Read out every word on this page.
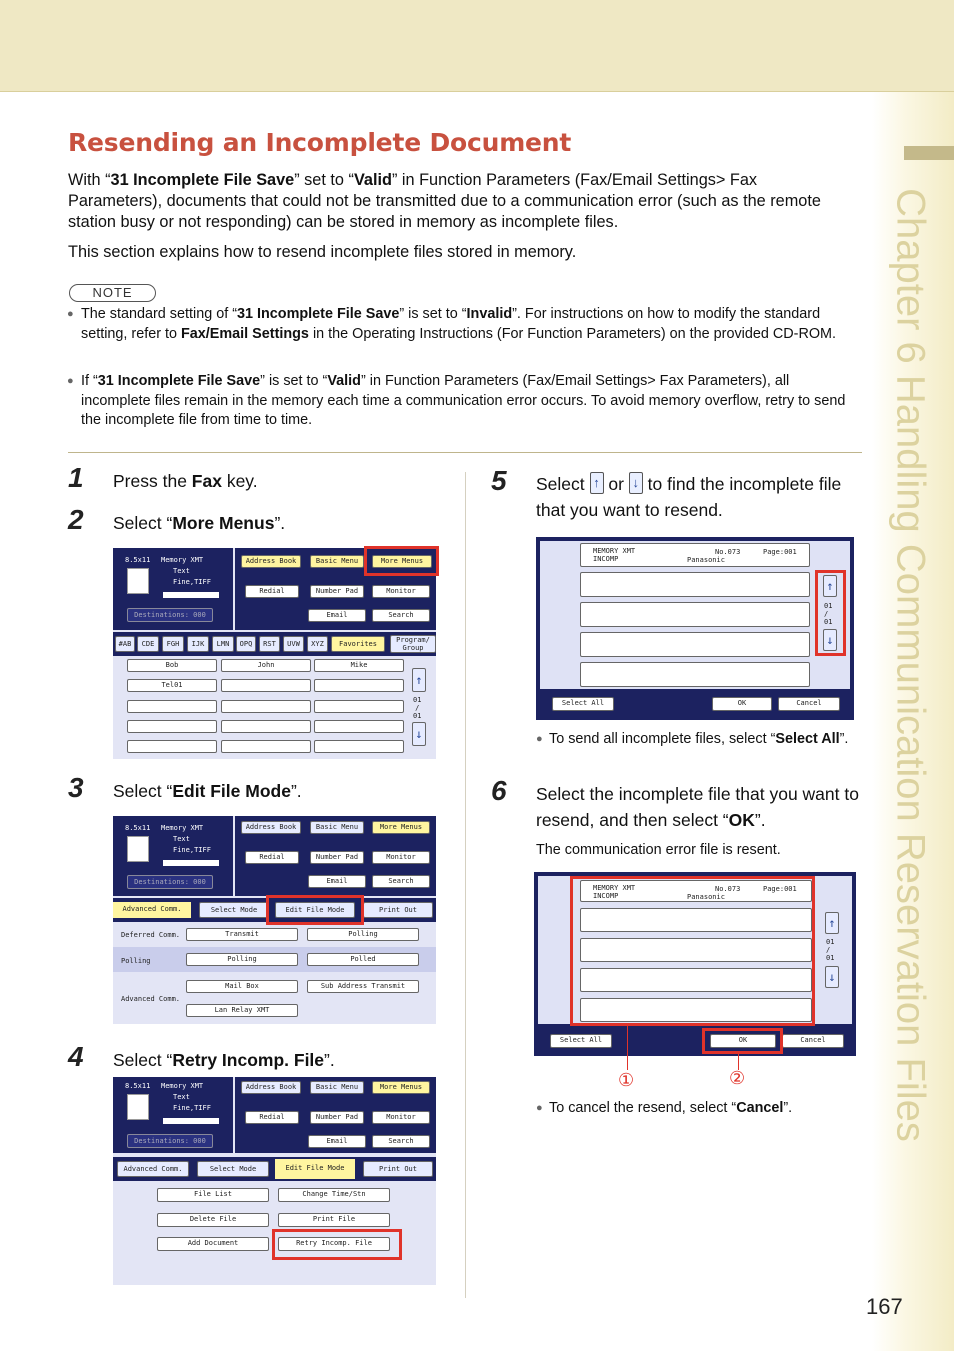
Chapter 6 Handling Communication Reservation Files
Resending an Incomplete Document
With “31 Incomplete File Save” set to “Valid” in Function Parameters (Fax/Email Settings> Fax Parameters), documents that could not be transmitted due to a communication error (such as the remote station busy or not responding) can be stored in memory as incomplete files.
This section explains how to resend incomplete files stored in memory.
NOTE
● The standard setting of “31 Incomplete File Save” is set to “Invalid”. For instructions on how to modify the standard setting, refer to Fax/Email Settings in the Operating Instructions (For Function Parameters) on the provided CD-ROM.
● If “31 Incomplete File Save” is set to “Valid” in Function Parameters (Fax/Email Settings> Fax Parameters), all incomplete files remain in the memory each time a communication error occurs. To avoid memory overflow, retry to send the incomplete file from time to time.
1 Press the Fax key.
2 Select “More Menus”.
8.5x11 Memory XMT
Text
Fine,TIFF
Destinations: 000
Address Book	Basic Menu	More Menus
Redial	Number Pad	Monitor
Email	Search
Bob	John	Mike
Tel01	↑
01
/
01
↓
#AB	CDE	FGH	IJK	LMN	OPQ	RST	UVW	XYZ	Favorites	Program/ Group
3 Select “Edit File Mode”.
8.5x11 Memory XMT
Text
Fine,TIFF
Destinations: 000
Address Book	Basic Menu	More Menus
Redial	Number Pad	Monitor
Email	Search
Advanced Comm.	Select Mode	Edit File Mode	Print Out
Deferred Comm.	Transmit	Polling
Polling	Polling	Polled
Advanced Comm.
Mail Box	Sub Address Transmit
Lan Relay XMT
4 Select “Retry Incomp. File”.
8.5x11 Memory XMT
Text
Fine,TIFF
Destinations: 000
Address Book	Basic Menu	More Menus
Redial	Number Pad	Monitor
Email	Search
Advanced Comm.	Select Mode	Edit File Mode	Print Out
File List	Change Time/Stn
Delete File	Print File
Add Document	Retry Incomp. File
5 Select ↑ or ↓ to find the incomplete file that you want to resend.
MEMORY XMT
INCOMP
No.073	Page:001
Panasonic
↑
01
/
01
↓
Select All	OK	Cancel
● To send all incomplete files, select “Select All”.
6 Select the incomplete file that you want to resend, and then select “OK”.
The communication error file is resent.
MEMORY XMT
INCOMP
No.073	Page:001
Panasonic
↑
01
/
01
↓
Select All	OK	Cancel
①	②
● To cancel the resend, select “Cancel”.
167
